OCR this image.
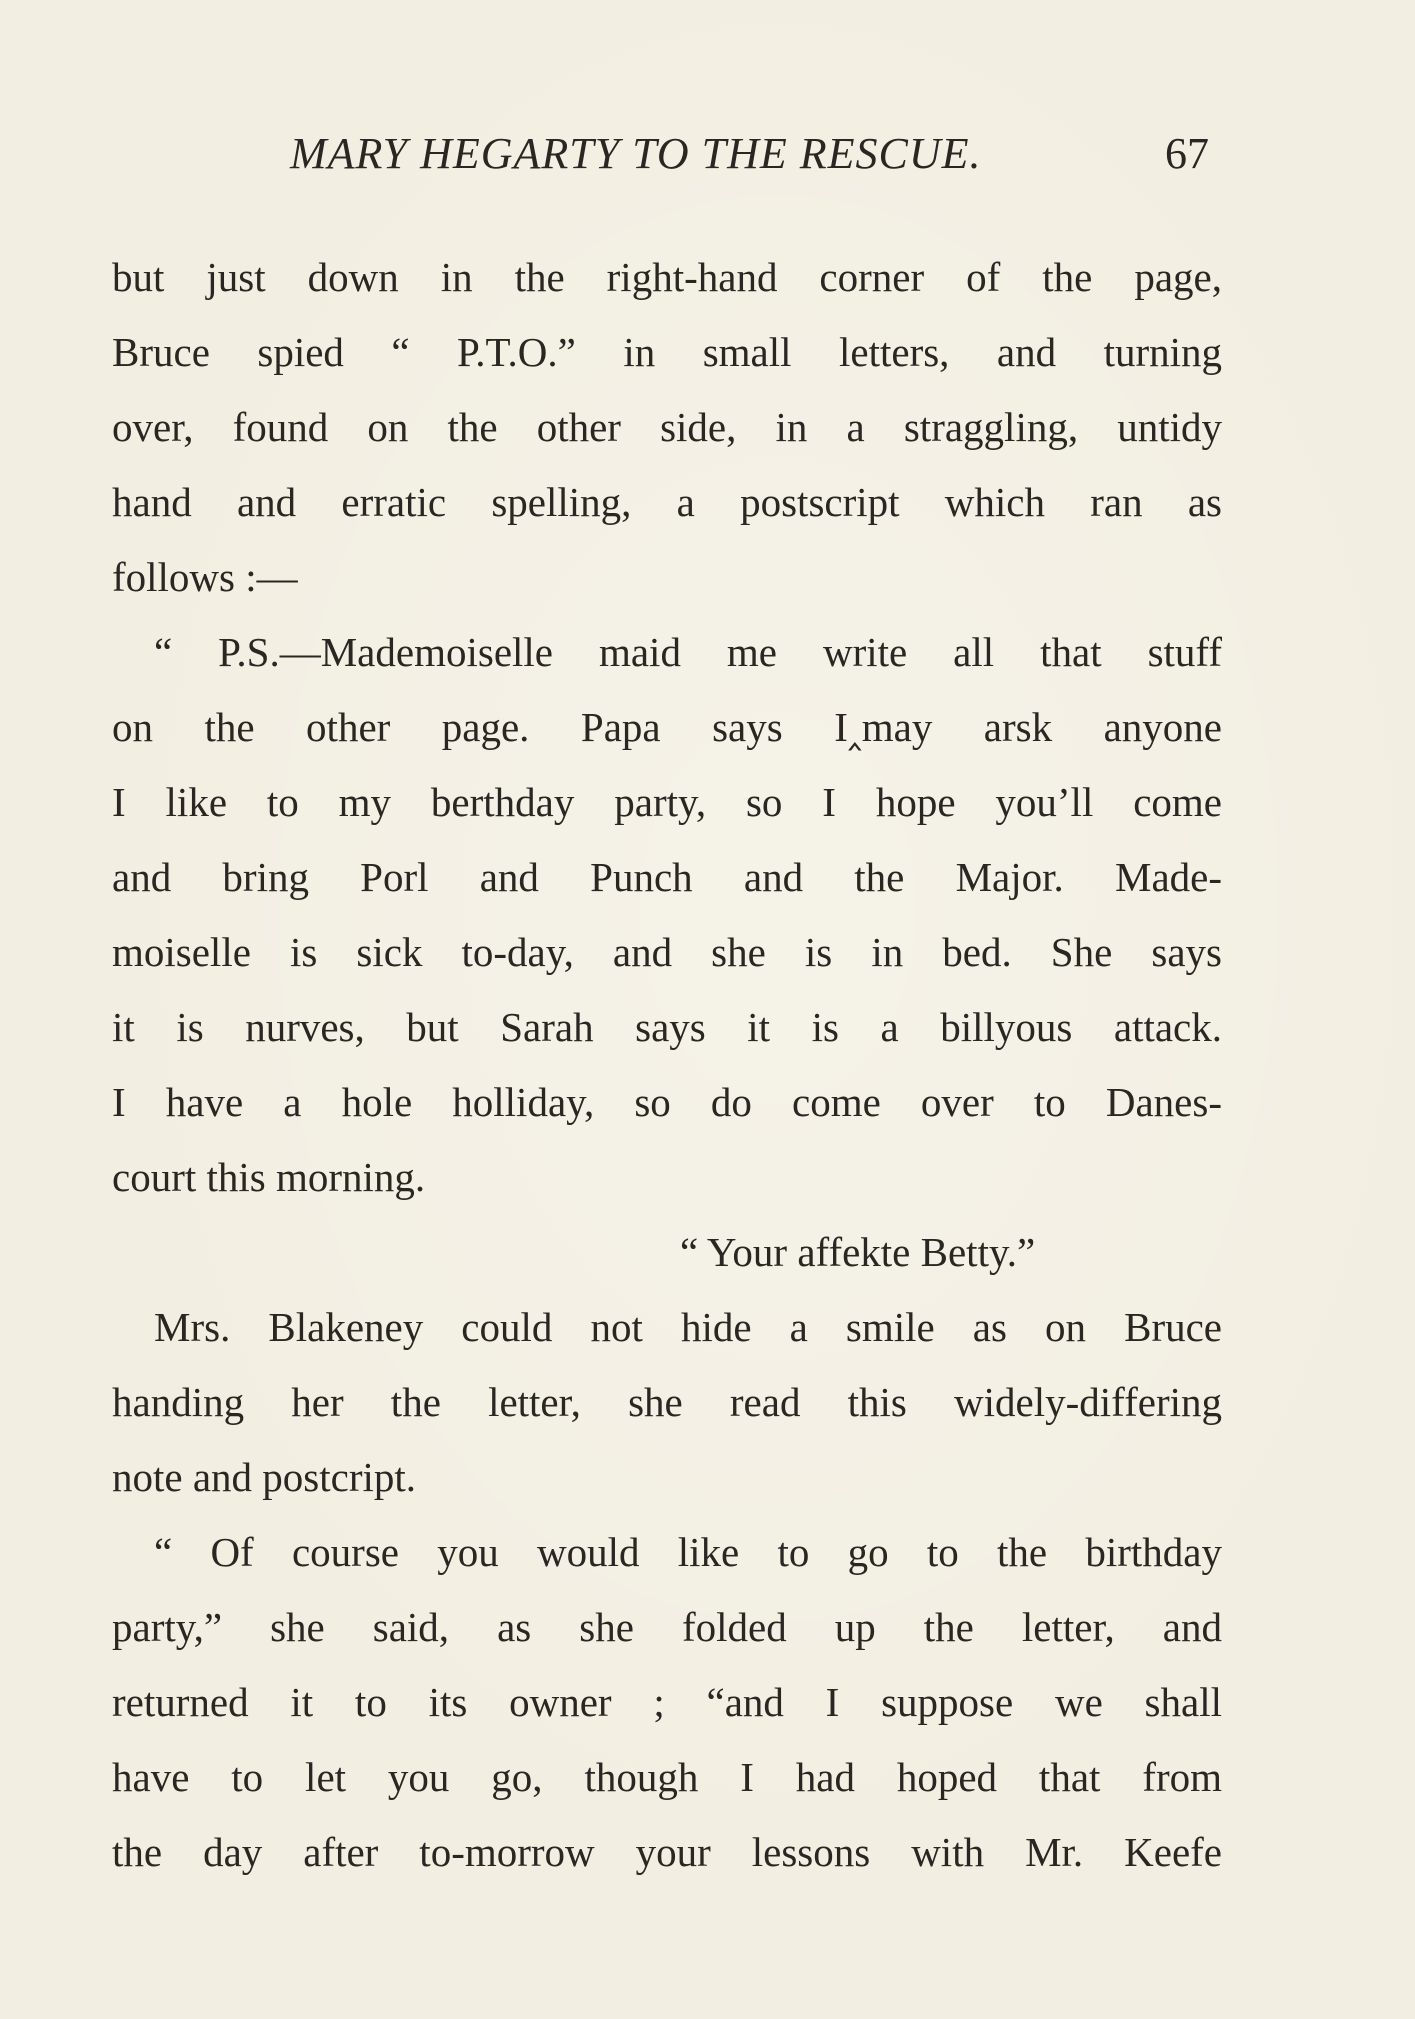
MARY HEGARTY TO THE RESCUE.	67
but just down in the right-hand corner of the page,
Bruce spied “ P.T.O.” in small letters, and turning
over, found on the other side, in a straggling, untidy
hand and erratic spelling, a postscript which ran as
follows :—
“ P.S.—Mademoiselle maid me write all that stuff
on the other page. Papa says I‸may arsk anyone
I like to my berthday party, so I hope you’ll come
and bring Porl and Punch and the Major. Made-
moiselle is sick to-day, and she is in bed. She says
it is nurves, but Sarah says it is a billyous attack.
I have a hole holliday, so do come over to Danes-
court this morning.
“ Your affekte Betty.”
Mrs. Blakeney could not hide a smile as on Bruce
handing her the letter, she read this widely-differing
note and postcript.
“ Of course you would like to go to the birthday
party,” she said, as she folded up the letter, and
returned it to its owner ; “and I suppose we shall
have to let you go, though I had hoped that from
the day after to-morrow your lessons with Mr. Keefe
